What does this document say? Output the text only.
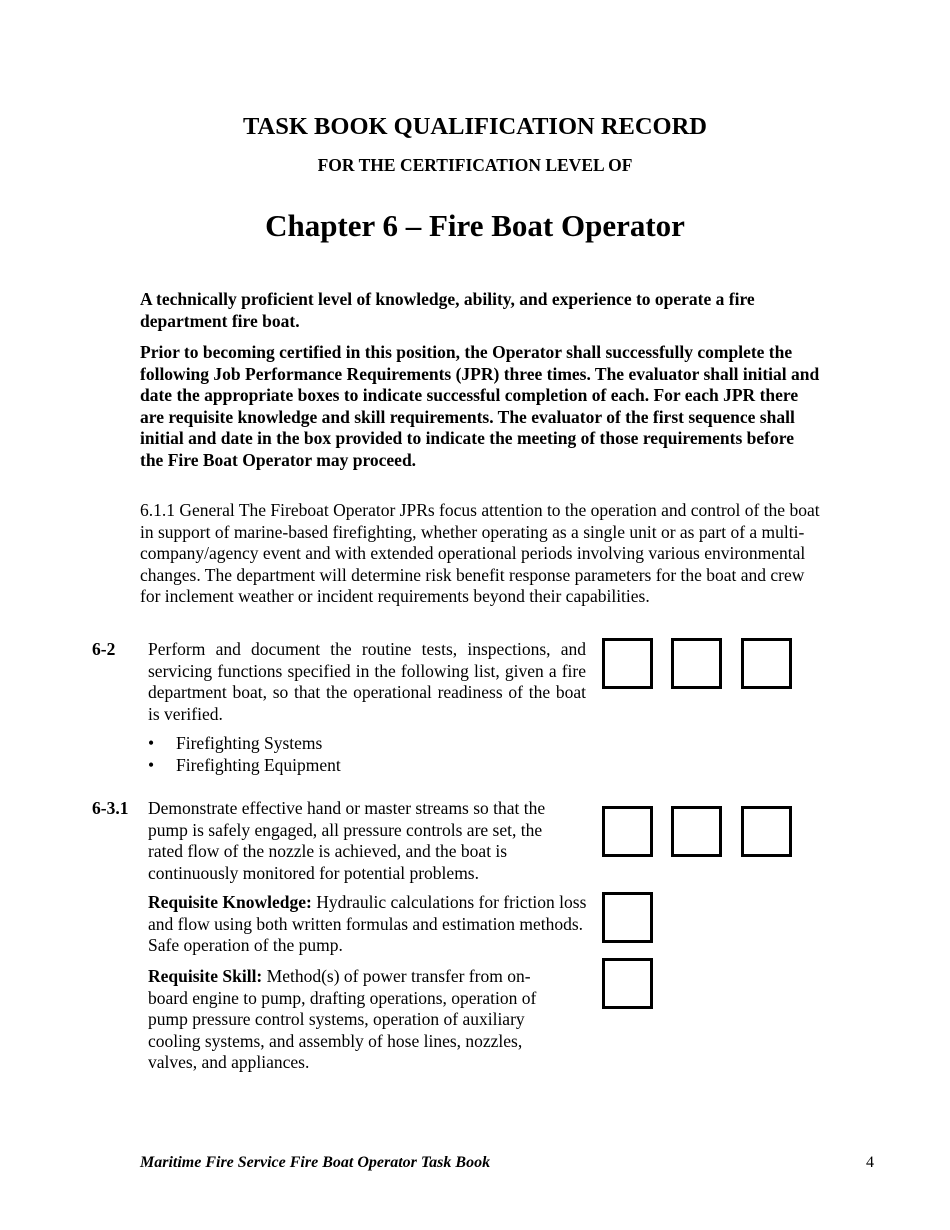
TASK BOOK QUALIFICATION RECORD
FOR THE CERTIFICATION LEVEL OF
Chapter 6 – Fire Boat Operator

A technically proficient level of knowledge, ability, and experience to operate a fire department fire boat.

Prior to becoming certified in this position, the Operator shall successfully complete the following Job Performance Requirements (JPR) three times. The evaluator shall initial and date the appropriate boxes to indicate successful completion of each. For each JPR there are requisite knowledge and skill requirements. The evaluator of the first sequence shall initial and date in the box provided to indicate the meeting of those requirements before the Fire Boat Operator may proceed.

6.1.1 General The Fireboat Operator JPRs focus attention to the operation and control of the boat in support of marine-based firefighting, whether operating as a single unit or as part of a multi-company/agency event and with extended operational periods involving various environmental changes. The department will determine risk benefit response parameters for the boat and crew for inclement weather or incident requirements beyond their capabilities.

6-2 Perform and document the routine tests, inspections, and servicing functions specified in the following list, given a fire department boat, so that the operational readiness of the boat is verified.

• Firefighting Systems
• Firefighting Equipment
6-3.1 Demonstrate effective hand or master streams so that the pump is safely engaged, all pressure controls are set, the rated flow of the nozzle is achieved, and the boat is continuously monitored for potential problems.

Requisite Knowledge: Hydraulic calculations for friction loss and flow using both written formulas and estimation methods. Safe operation of the pump.

Requisite Skill: Method(s) of power transfer from on-board engine to pump, drafting operations, operation of pump pressure control systems, operation of auxiliary cooling systems, and assembly of hose lines, nozzles, valves, and appliances.

Maritime Fire Service Fire Boat Operator Task Book	4
